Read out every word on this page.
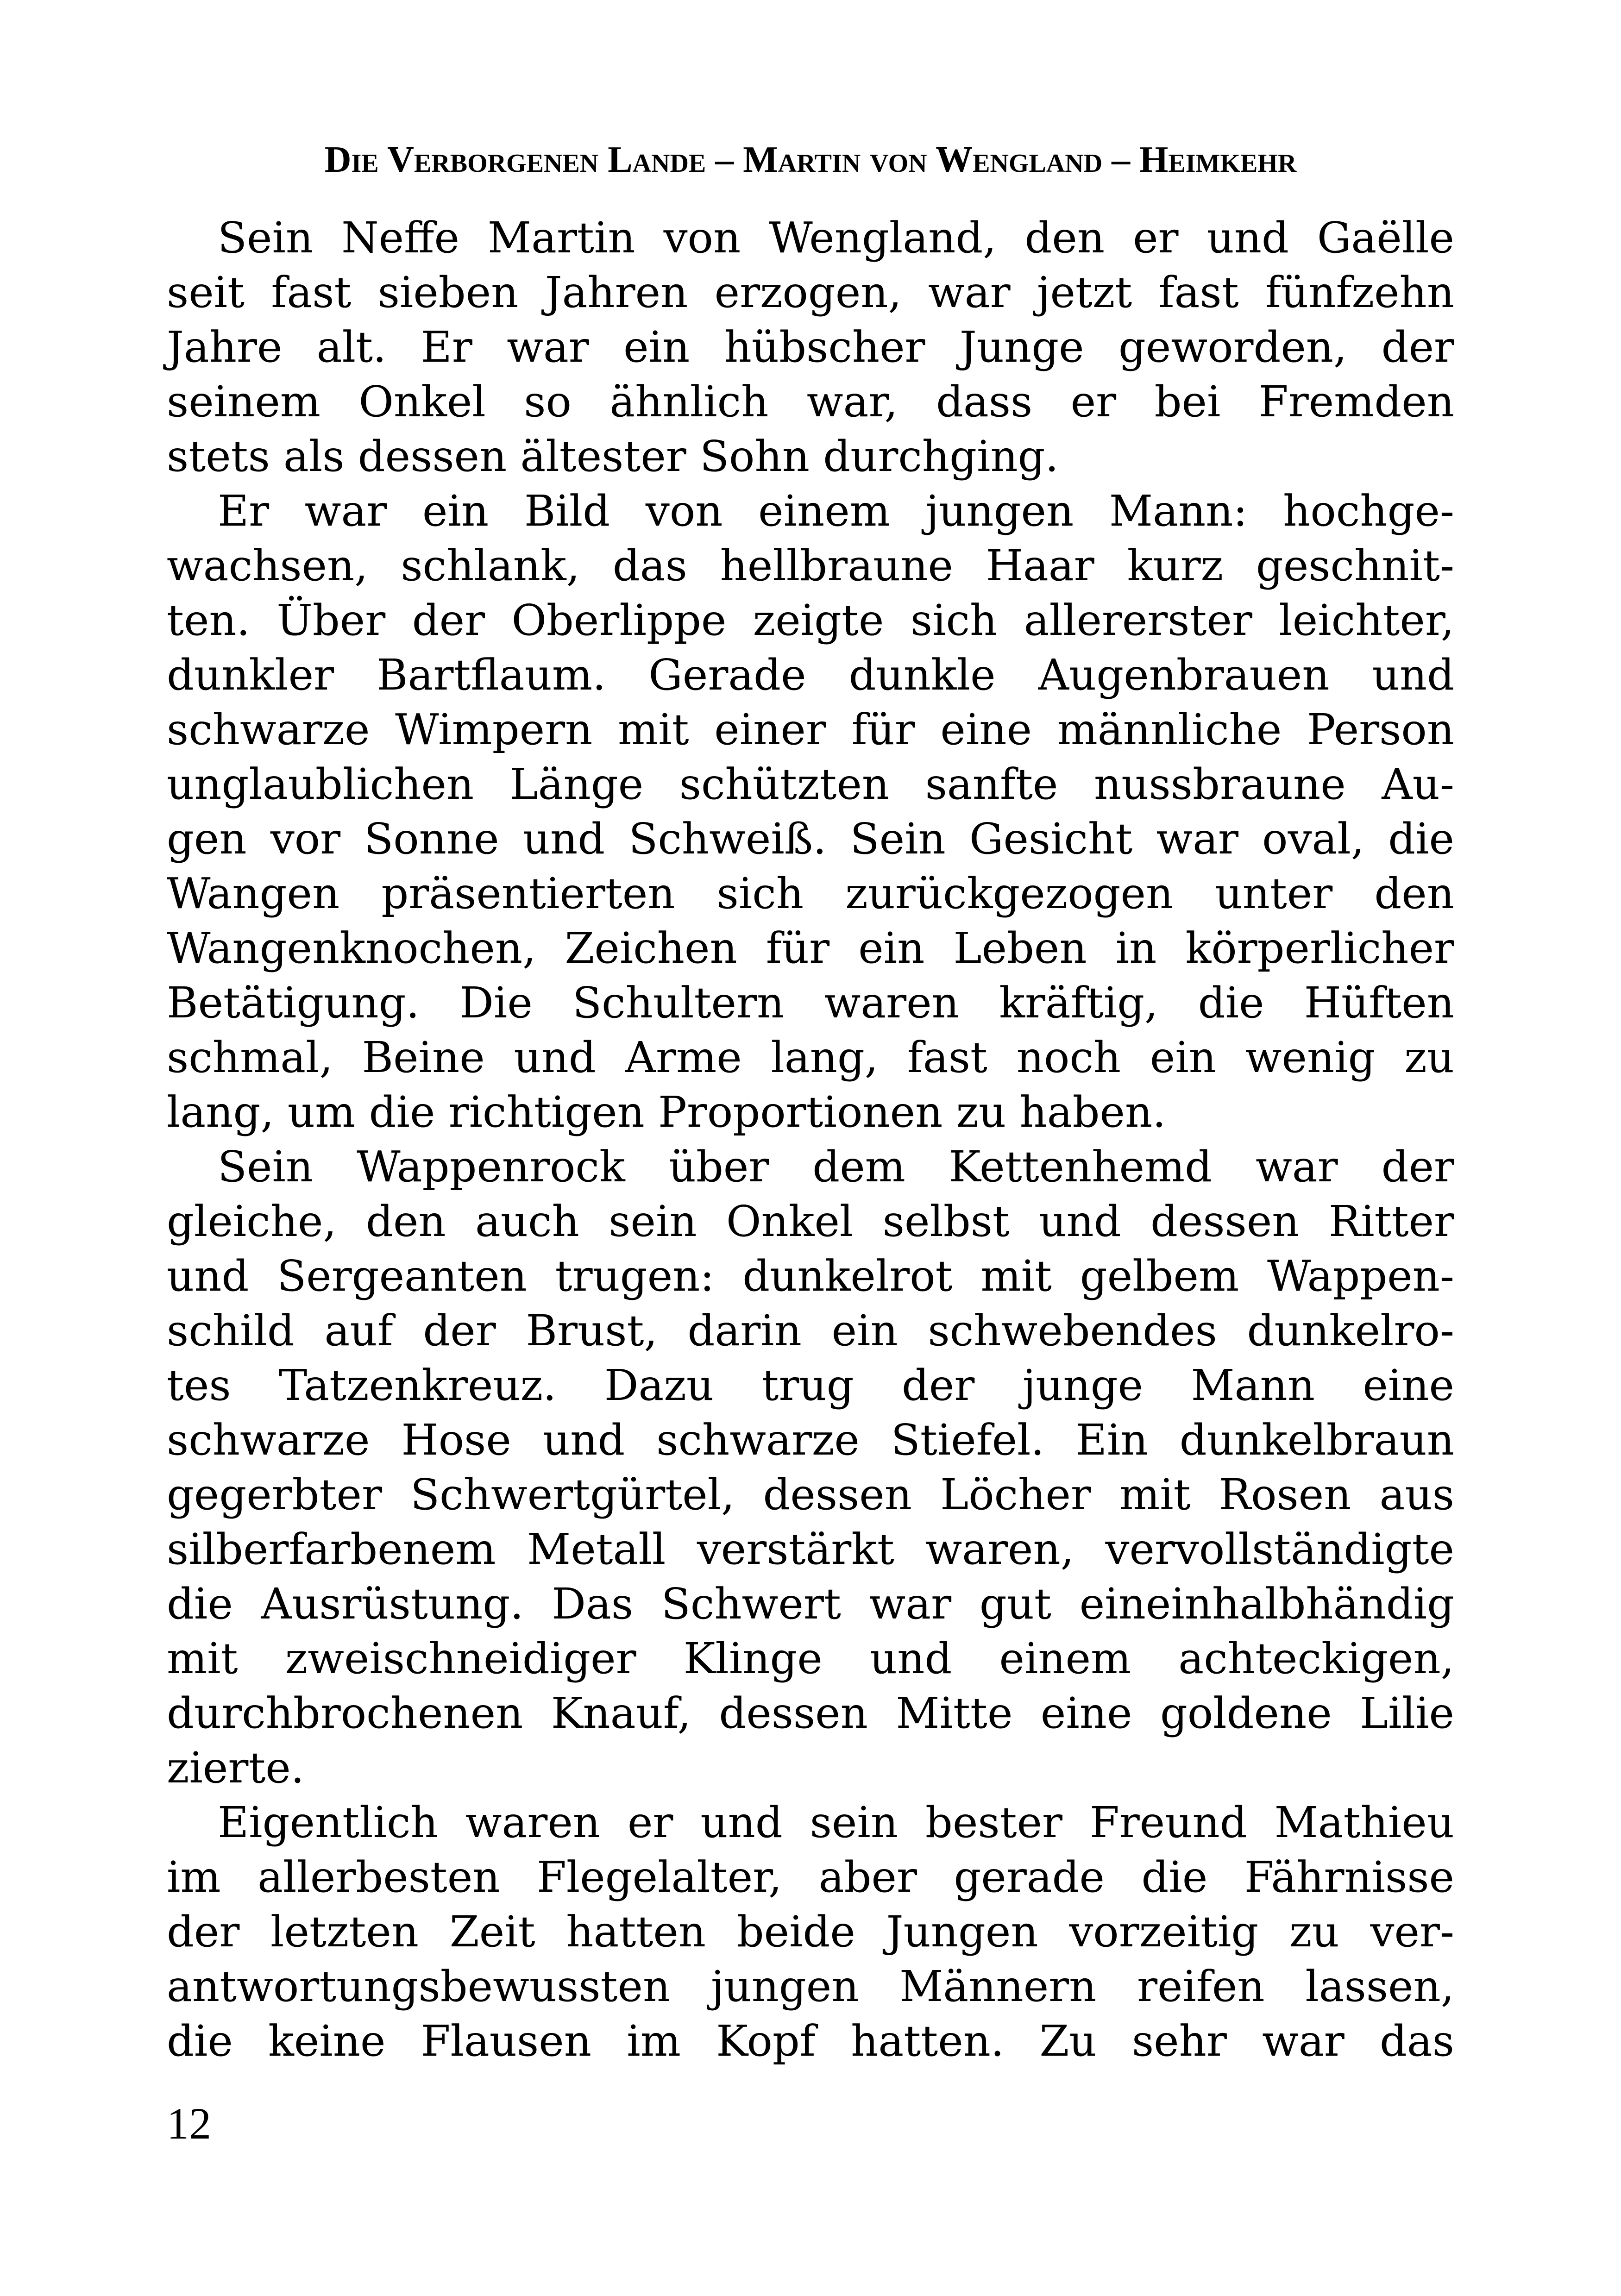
Die Verborgenen Lande – Martin von Wengland – Heimkehr
Sein Neffe Martin von Wengland, den er und Gaëlle
seit fast sieben Jahren erzogen, war jetzt fast fünfzehn
Jahre alt. Er war ein hübscher Junge geworden, der
seinem Onkel so ähnlich war, dass er bei Fremden
stets als dessen ältester Sohn durchging.
Er war ein Bild von einem jungen Mann: hochge-
wachsen, schlank, das hellbraune Haar kurz geschnit-
ten. Über der Oberlippe zeigte sich allererster leichter,
dunkler Bartflaum. Gerade dunkle Augenbrauen und
schwarze Wimpern mit einer für eine männliche Person
unglaublichen Länge schützten sanfte nussbraune Au-
gen vor Sonne und Schweiß. Sein Gesicht war oval, die
Wangen präsentierten sich zurückgezogen unter den
Wangenknochen, Zeichen für ein Leben in körperlicher
Betätigung. Die Schultern waren kräftig, die Hüften
schmal, Beine und Arme lang, fast noch ein wenig zu
lang, um die richtigen Proportionen zu haben.
Sein Wappenrock über dem Kettenhemd war der
gleiche, den auch sein Onkel selbst und dessen Ritter
und Sergeanten trugen: dunkelrot mit gelbem Wappen-
schild auf der Brust, darin ein schwebendes dunkelro-
tes Tatzenkreuz. Dazu trug der junge Mann eine
schwarze Hose und schwarze Stiefel. Ein dunkelbraun
gegerbter Schwertgürtel, dessen Löcher mit Rosen aus
silberfarbenem Metall verstärkt waren, vervollständigte
die Ausrüstung. Das Schwert war gut eineinhalbhändig
mit zweischneidiger Klinge und einem achteckigen,
durchbrochenen Knauf, dessen Mitte eine goldene Lilie
zierte.
Eigentlich waren er und sein bester Freund Mathieu
im allerbesten Flegelalter, aber gerade die Fährnisse
der letzten Zeit hatten beide Jungen vorzeitig zu ver-
antwortungsbewussten jungen Männern reifen lassen,
die keine Flausen im Kopf hatten. Zu sehr war das
12
